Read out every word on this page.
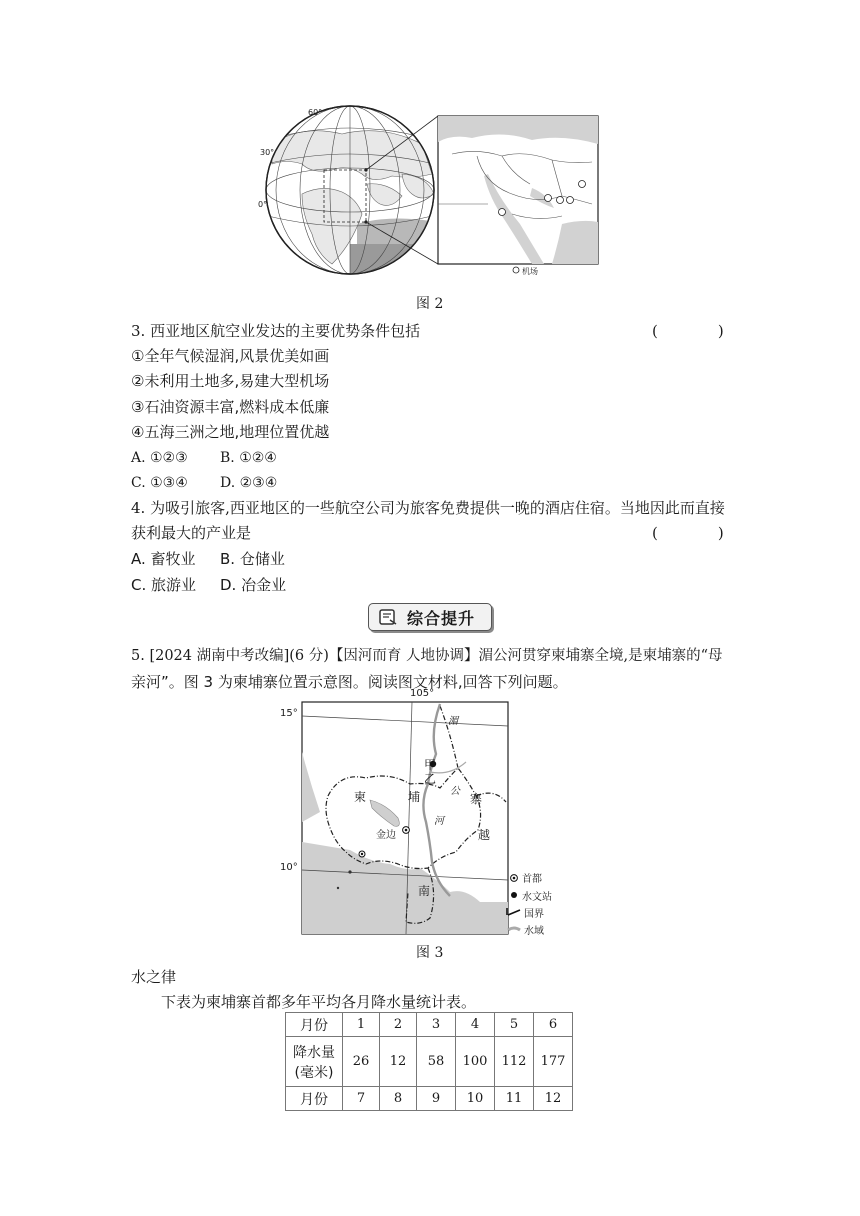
60°
30°
0°
机场
图 2
3. 西亚地区航空业发达的主要优势条件包括	(　　　　)
①全年气候湿润,风景优美如画
②未利用土地多,易建大型机场
③石油资源丰富,燃料成本低廉
④五海三洲之地,地理位置优越
A. ①②③ B. ①②④
C. ①③④ D. ②③④
4. 为吸引旅客,西亚地区的一些航空公司为旅客免费提供一晚的酒店住宿。当地因此而直接
获利最大的产业是	(　　　　)
A. 畜牧业 B. 仓储业
C. 旅游业 D. 冶金业
综合提升
5. [2024 湖南中考改编](6 分)【因河而育 人地协调】湄公河贯穿柬埔寨全境,是柬埔寨的“母
亲河”。图 3 为柬埔寨位置示意图。阅读图文材料,回答下列问题。
105°
15°
10°
柬	埔	寨
越
南
湄
公
河
甲
乙
金边
首都
水文站
国界
水域
图 3
水之律
下表为柬埔寨首都多年平均各月降水量统计表。
月份	1	2	3	4	5	6
降水量
(毫米)	26	12	58	100	112	177
月份	7	8	9	10	11	12
